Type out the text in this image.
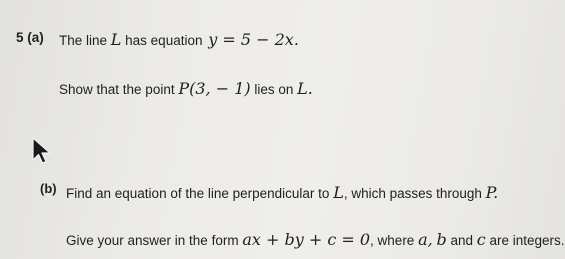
5 (a) The line L has equation y = 5 − 2x.
Show that the point P(3, − 1) lies on L.
(b) Find an equation of the line perpendicular to L, which passes through P.
Give your answer in the form ax + by + c = 0, where a, b and c are integers.
